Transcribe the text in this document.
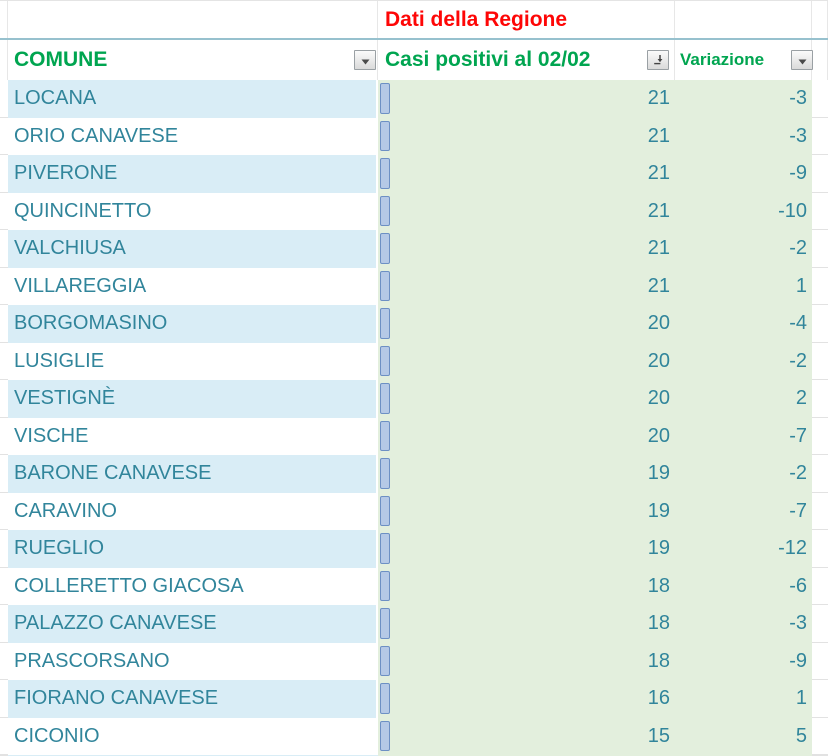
Dati della Regione
COMUNE	Casi positivi al 02/02	Variazione
LOCANA	21	-3
ORIO CANAVESE	21	-3
PIVERONE	21	-9
QUINCINETTO	21	-10
VALCHIUSA	21	-2
VILLAREGGIA	21	1
BORGOMASINO	20	-4
LUSIGLIE	20	-2
VESTIGNÈ	20	2
VISCHE	20	-7
BARONE CANAVESE	19	-2
CARAVINO	19	-7
RUEGLIO	19	-12
COLLERETTO GIACOSA	18	-6
PALAZZO CANAVESE	18	-3
PRASCORSANO	18	-9
FIORANO CANAVESE	16	1
CICONIO	15	5
